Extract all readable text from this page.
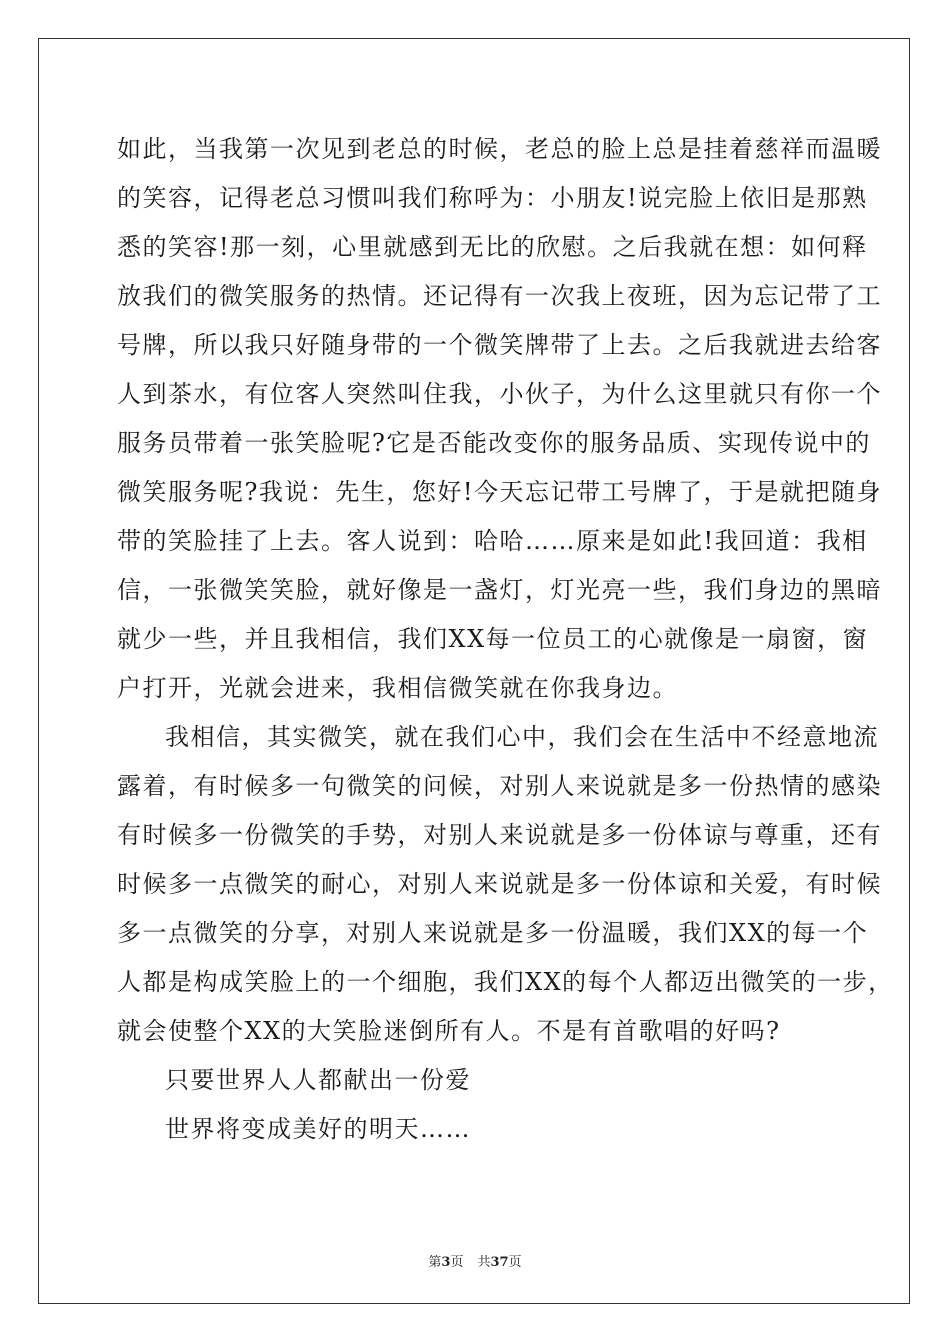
如此，当我第一次见到老总的时候，老总的脸上总是挂着慈祥而温暖
的笑容，记得老总习惯叫我们称呼为：小朋友!说完脸上依旧是那熟
悉的笑容!那一刻，心里就感到无比的欣慰。之后我就在想：如何释
放我们的微笑服务的热情。还记得有一次我上夜班，因为忘记带了工
号牌，所以我只好随身带的一个微笑牌带了上去。之后我就进去给客
人到茶水，有位客人突然叫住我，小伙子，为什么这里就只有你一个
服务员带着一张笑脸呢?它是否能改变你的服务品质、实现传说中的
微笑服务呢?我说：先生，您好!今天忘记带工号牌了，于是就把随身
带的笑脸挂了上去。客人说到：哈哈……原来是如此!我回道：我相
信，一张微笑笑脸，就好像是一盏灯，灯光亮一些，我们身边的黑暗
就少一些，并且我相信，我们XX每一位员工的心就像是一扇窗，窗
户打开，光就会进来，我相信微笑就在你我身边。
我相信，其实微笑，就在我们心中，我们会在生活中不经意地流
露着，有时候多一句微笑的问候，对别人来说就是多一份热情的感染
有时候多一份微笑的手势，对别人来说就是多一份体谅与尊重，还有
时候多一点微笑的耐心，对别人来说就是多一份体谅和关爱，有时候
多一点微笑的分享，对别人来说就是多一份温暖，我们XX的每一个
人都是构成笑脸上的一个细胞，我们XX的每个人都迈出微笑的一步，
就会使整个XX的大笑脸迷倒所有人。不是有首歌唱的好吗?
只要世界人人都献出一份爱
世界将变成美好的明天……
第3页 共37页
